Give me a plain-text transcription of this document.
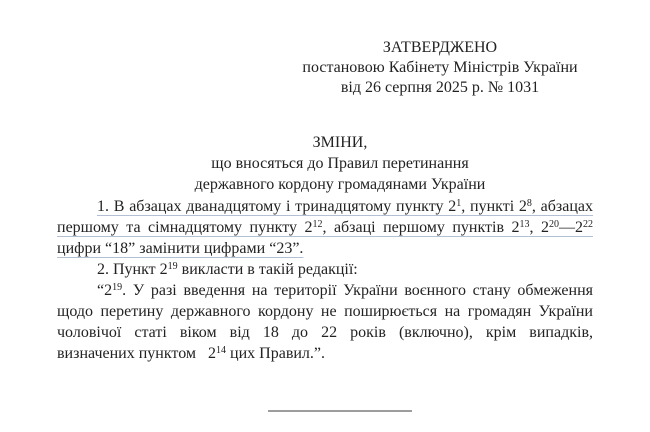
ЗАТВЕРДЖЕНО
постановою Кабінету Міністрів України
від 26 серпня 2025 р. № 1031
ЗМІНИ,
що вносяться до Правил перетинання
державного кордону громадянами України
1. В абзацах дванадцятому і тринадцятому пункту $2^1$, пункті $2^8$, абзацах
першому та сімнадцятому пункту $2^{12}$, абзаці першому пунктів $2^{13}$, $2^{20}—2^{22}$
цифри “18” замінити цифрами “23”.
2. Пункт $2^{19}$ викласти в такій редакції:
“$2^{19}$. У разі введення на території України воєнного стану обмеження
щодо перетину державного кордону не поширюється на громадян України
чоловічої статі віком від 18 до 22 років (включно), крім випадків,
визначених пунктом  $2^{14}$ цих Правил.”.
